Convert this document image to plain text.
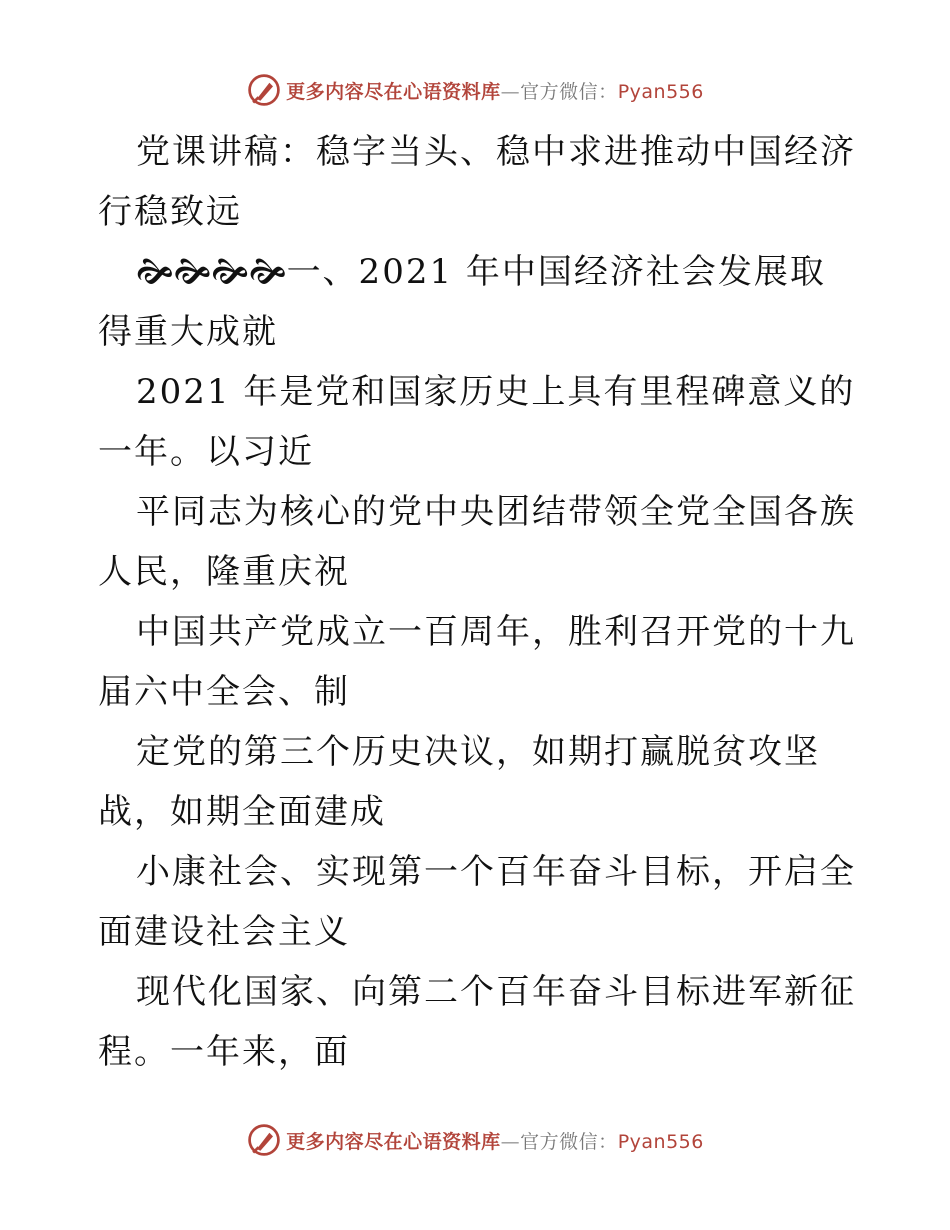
更多内容尽在心语资料库—官方微信：Pyan556

党课讲稿：稳字当头、稳中求进推动中国经济行稳致远

🙞🙞🙞🙞一、2021 年中国经济社会发展取得重大成就

2021 年是党和国家历史上具有里程碑意义的一年。以习近

平同志为核心的党中央团结带领全党全国各族人民，隆重庆祝

中国共产党成立一百周年，胜利召开党的十九届六中全会、制

定党的第三个历史决议，如期打赢脱贫攻坚战，如期全面建成

小康社会、实现第一个百年奋斗目标，开启全面建设社会主义

现代化国家、向第二个百年奋斗目标进军新征程。一年来，面

更多内容尽在心语资料库—官方微信：Pyan556
